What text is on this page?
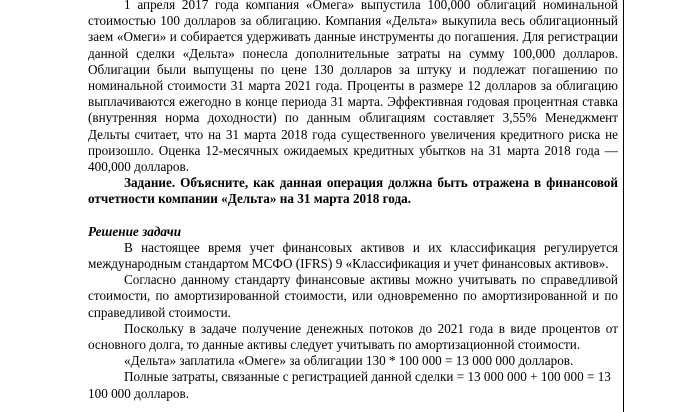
1 апреля 2017 года компания «Омега» выпустила 100,000 облигаций номинальной стоимостью 100 долларов за облигацию. Компания «Дельта» выкупила весь облигационный заем «Омеги» и собирается удерживать данные инструменты до погашения. Для регистрации данной сделки «Дельта» понесла дополнительные затраты на сумму 100,000 долларов. Облигации были выпущены по цене 130 долларов за штуку и подлежат погашению по номинальной стоимости 31 марта 2021 года. Проценты в размере 12 долларов за облигацию выплачиваются ежегодно в конце периода 31 марта. Эффективная годовая процентная ставка (внутренняя норма доходности) по данным облигациям составляет 3,55% Менеджмент Дельты считает, что на 31 марта 2018 года существенного увеличения кредитного риска не произошло. Оценка 12-месячных ожидаемых кредитных убытков на 31 марта 2018 года — 400,000 долларов.

Задание. Объясните, как данная операция должна быть отражена в финансовой отчетности компании «Дельта» на 31 марта 2018 года.

Решение задачи

В настоящее время учет финансовых активов и их классификация регулируется международным стандартом МСФО (IFRS) 9 «Классификация и учет финансовых активов».

Согласно данному стандарту финансовые активы можно учитывать по справедливой стоимости, по амортизированной стоимости, или одновременно по амортизированной и по справедливой стоимости.

Поскольку в задаче получение денежных потоков до 2021 года в виде процентов от основного долга, то данные активы следует учитывать по амортизационной стоимости.

«Дельта» заплатила «Омеге» за облигации 130 * 100 000 = 13 000 000 долларов.

Полные затраты, связанные с регистрацией данной сделки = 13 000 000 + 100 000 = 13 100 000 долларов.
